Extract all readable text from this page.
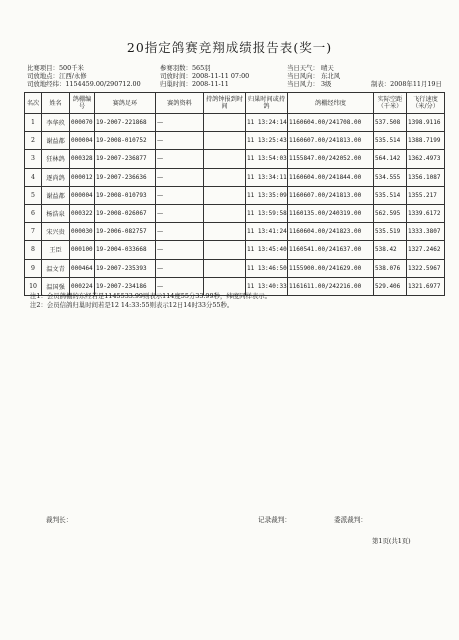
20指定鸽赛竞翔成绩报告表(奖一)
比赛项目：500千米
司放地点：江西/永修
司放地经纬：1154459.00/290712.00
参赛羽数：565羽
司放时间：2008-11-11 07:00
归巢时间：2008-11-11
当日天气： 晴天
当日风向： 东北风
当日风力： 3级	制表：2008年11月19日
名次	姓名	鸽棚编号	赛鸽足环	赛鸽资料	持鸽钟报到时间	归巢时间或持鸽	鸽棚经纬度	实际空距（千米）	飞行速度（米/分）
1	李华玖	000070	19-2007-221868	—		11 13:24:14	1160604.00/241708.00	537.508	1398.9116
2	谢益都	000004	19-2008-010752	—		11 13:25:43	1160607.00/241813.00	535.514	1388.7199
3	狂林鸽	000328	19-2007-236877	—		11 13:54:03	1155847.00/242052.00	564.142	1362.4973
4	逐尚鸽	000012	19-2007-236636	—		11 13:34:11	1160604.00/241844.00	534.555	1356.1087
5	谢益都	000004	19-2008-010793	—		11 13:35:09	1160607.00/241813.00	535.514	1355.217
6	杨浩泉	000322	19-2008-026067	—		11 13:59:58	1160135.00/240319.00	562.595	1339.6172
7	宋兴贵	000030	19-2006-082757	—		11 13:41:24	1160604.00/241823.00	535.519	1333.3807
8	王臣	000100	19-2004-033668	—		11 13:45:40	1160541.00/241637.00	538.42	1327.2462
9	温文青	000464	19-2007-235393	—		11 13:46:50	1155900.00/241629.00	538.076	1322.5967
10	温国强	000224	19-2007-234186	—		11 13:40:33	1161611.00/242216.00	529.406	1321.6977
注1：会员鸽棚的东经若是1145533.99则表示114度55分33.99秒，纬度同样表示。
注2：会员信鸽归巢时间若是12 14:33:55则表示12日14时33分55秒。
裁判长：	记录裁判：	委派裁判：
第1页(共1页)
